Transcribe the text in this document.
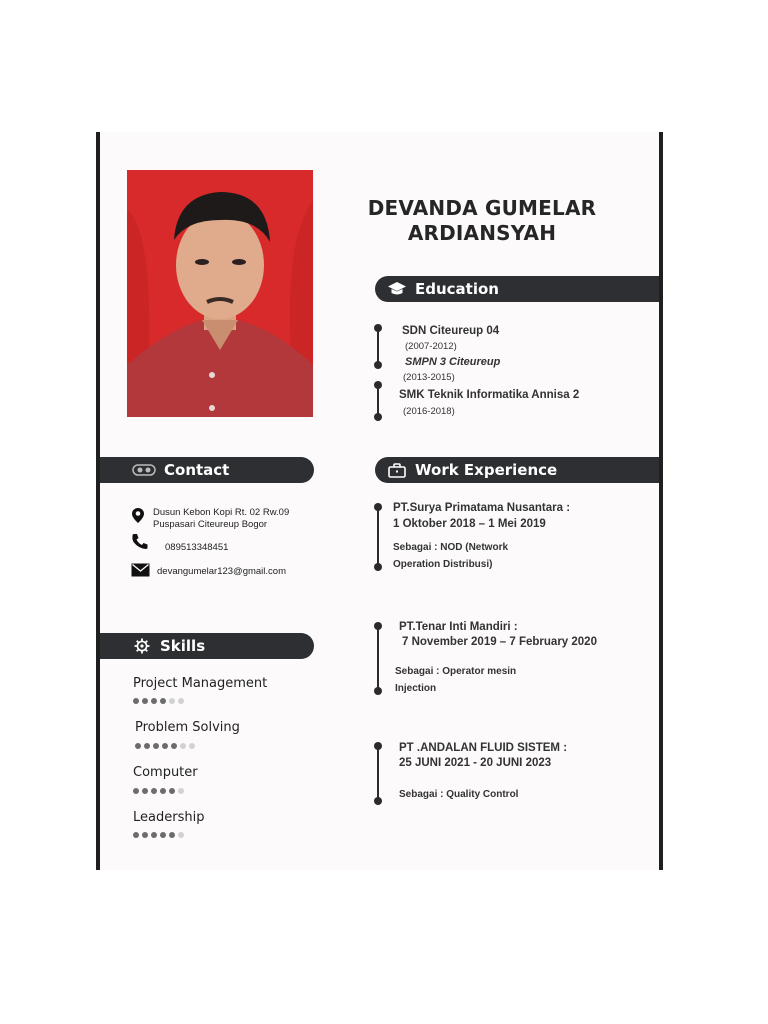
DEVANDA GUMELAR
ARDIANSYAH
Education
SDN Citeureup 04
(2007-2012)
SMPN 3 Citeureup
(2013-2015)
SMK Teknik Informatika Annisa 2
(2016-2018)
Contact
Dusun Kebon Kopi Rt. 02 Rw.09
Puspasari Citeureup Bogor
089513348451
devangumelar123@gmail.com
Work Experience
PT.Surya Primatama Nusantara :
1 Oktober 2018 – 1 Mei 2019
Sebagai : NOD (Network
Operation Distribusi)
PT.Tenar Inti Mandiri :
7 November 2019 – 7 February 2020
Sebagai : Operator mesin
Injection
PT .ANDALAN FLUID SISTEM :
25 JUNI 2021 - 20 JUNI 2023
Sebagai : Quality Control
Skills
Project Management
Problem Solving
Computer
Leadership
